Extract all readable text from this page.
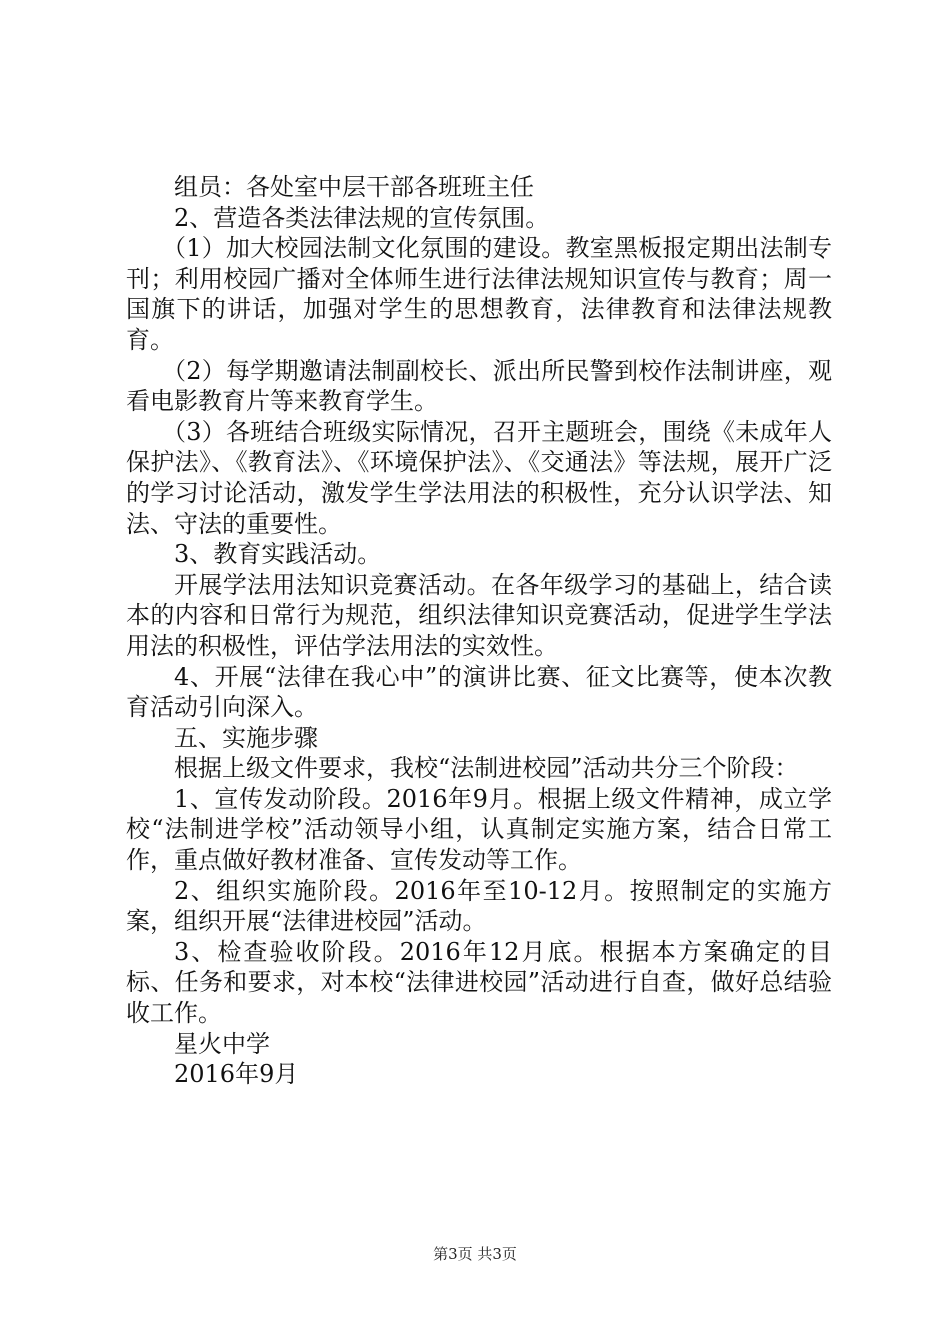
组员：各处室中层干部各班班主任

2、营造各类法律法规的宣传氛围。

（1）加大校园法制文化氛围的建设。教室黑板报定期出法制专刊；利用校园广播对全体师生进行法律法规知识宣传与教育；周一国旗下的讲话，加强对学生的思想教育，法律教育和法律法规教育。

（2）每学期邀请法制副校长、派出所民警到校作法制讲座，观看电影教育片等来教育学生。

（3）各班结合班级实际情况，召开主题班会，围绕《未成年人保护法》、《教育法》、《环境保护法》、《交通法》等法规，展开广泛的学习讨论活动，激发学生学法用法的积极性，充分认识学法、知法、守法的重要性。

3、教育实践活动。

开展学法用法知识竞赛活动。在各年级学习的基础上，结合读本的内容和日常行为规范，组织法律知识竞赛活动，促进学生学法用法的积极性，评估学法用法的实效性。

4、开展“法律在我心中”的演讲比赛、征文比赛等，使本次教育活动引向深入。

五、实施步骤

根据上级文件要求，我校“法制进校园”活动共分三个阶段：

1、宣传发动阶段。2016年9月。根据上级文件精神，成立学校“法制进学校”活动领导小组，认真制定实施方案，结合日常工作，重点做好教材准备、宣传发动等工作。

2、组织实施阶段。2016年至10-12月。按照制定的实施方案，组织开展“法律进校园”活动。

3、检查验收阶段。2016年12月底。根据本方案确定的目标、任务和要求，对本校“法律进校园”活动进行自查，做好总结验收工作。

星火中学

2016年9月

第3页 共3页
